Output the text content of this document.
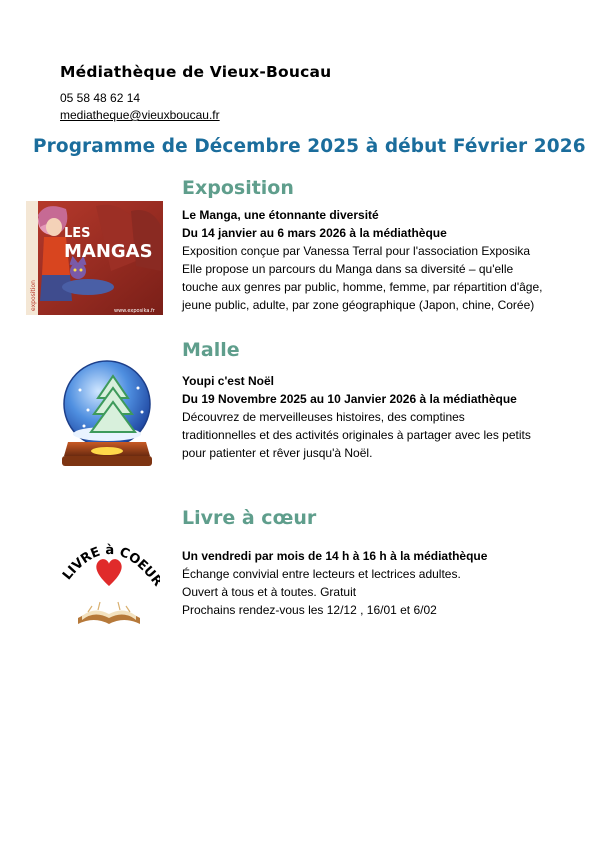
Médiathèque de Vieux-Boucau
05 58 48 62 14
mediatheque@vieuxboucau.fr
Programme de Décembre 2025 à début Février 2026
LES
MANGAS
exposition	www.exposika.fr
Exposition
Le Manga, une étonnante diversité
Du 14 janvier au 6 mars 2026 à la médiathèque
Exposition conçue par Vanessa Terral pour l'association Exposika
Elle propose un parcours du Manga dans sa diversité – qu'elle
touche aux genres par public, homme, femme, par répartition d'âge,
jeune public, adulte, par zone géographique (Japon, chine, Corée)
Malle
Youpi c'est Noël
Du 19 Novembre 2025 au 10 Janvier 2026 à la médiathèque
Découvrez de merveilleuses histoires, des comptines
traditionnelles et des activités originales à partager avec les petits
pour patienter et rêver jusqu'à Noël.
LIVRE à COEU
Livre à cœur
Un vendredi par mois de 14 h à 16 h à la médiathèque
Échange convivial entre lecteurs et lectrices adultes.
Ouvert à tous et à toutes. Gratuit
Prochains rendez-vous les 12/12 , 16/01 et 6/02
